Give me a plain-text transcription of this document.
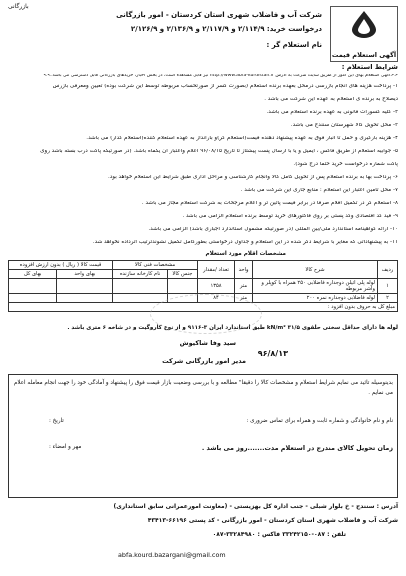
بازرگانی
آگهی استعلام قیمت
شرکت آب و فاضلاب شهری استان کردستان - امور بازرگانی
درخواست خرید: ۲/۱۱۴/۹ و ۲/۱۱۷/۹ و ۲/۱۳۶/۹ و ۲/۱۲۶/۹
نام استعلام گر :
شرایط استعلام :
<<آگهی استعلام بهای این امور از طریق سایت شرکت به آدرس http://www.abfa-kurdistan.ir نیز قابل مشاهده است، در بخش اخبار، خریدهای بازرگانی قابل دسترسی می باشد.>>
۱- پرداخت هزینه های انجام بازرسی درمحل بعهده برنده استعلام (بصورت کسر از صورتحساب مربوطه توسط این شرکت بوده) تعیین ومعرفی بازرس
ذیصلاح به برنده ی استعلام به عهده این شرکت می باشد .
۲- کلیه کسورات قانونی به عهده برنده استعلام می باشد.
۳- محل تحویل کالا شهرستان سنندج می باشد.
۴- هزینه بارگیری و حمل تا انبار فوق به عهده پیشنهاد دهنده قیمت(استعلام گر)و بارانداز به عهده استعلام کننده(استعلام گذار) می باشد.
۵- جوابیه استعلام از طریق فاکس ، ایمیل و یا با ارسال پست پیشتاز تا تاریخ ۹۶/۰۸/۱۵ اعلام واعتبار آن یکماه باشد. (در صورتیکه پاکت درب بسته باشد روی
پاکت شماره درخواست خرید حتما درج شود).
۶- پرداخت بها به برنده استعلام پس از تحویل کامل کالا وانجام کارشناسی و مراحل اداری طبق شرایط این استعلام خواهد بود.
۷- محل تامین اعتبار این استعلام : منابع جاری این شرکت می باشد .
۸- استعلام گر در تکمیل اقلام صرفا در برابر قیمت پائین تر و اعلام مرجحات به شرکت استعلام مجاز می باشد .
۹- قید کد اقتصادی وکد پستی بر روی فاکتورهای خرید توسط برنده استعلام الزامی می باشد .
۱۰- ارائه گواهینامه استاندارد ملی/بین المللی (در صورتیکه مشمول استاندارد اجباری باشد) الزامی می باشد.
۱۱- به پیشنهاداتی که مغایر با شرایط ذکر شده در این استعلام و جداول درخواستی بطورکامل تکمیل نشوندترتیب اثرداده نخواهد شد.
مشخصات اقلام مورد استعلام
ردیف	شرح کالا	واحد	تعداد /مقدار	مشخصات فنی کالا		قیمت کالا ( ریال ) بدون ارزش افزوده	
				جنس کالا	نام کارخانه سازنده	بهای واحد	بهای کل
۱	لوله پلی اتیلن دوجداره فاضلابی ۲۵۰ همراه با کوپلر و واشر مربوطه	متر	۱۳۵۸				
۲	لوله فاضلابی دوجداره نمره ۲۰۰	متر	۸۴				
مبلغ کل به حروف بدون افزود :							
لوله ها دارای حداقل سختی حلقوی kN/m² ۳۱/۵ طبق استاندارد ایران ۳-۹۱۱۶ و از نوع کاروگیت و در شاخه ۶ متری باشد .
سید وفا شاکیوش
مدیر امور بازرگانی شرکت
۹۶/۸/۱۳
بدینوسیله تائید می نمایم شرایط استعلام و مشخصات کالا را دقیقا" مطالعه و با بررسی وضعیت بازار قیمت فوق را پیشنهاد و آمادگی خود را جهت انجام معامله اعلام می نمایم .
نام و نام خانوادگی و شماره ثابت و همراه برای تماس ضروری :
تاریخ :
زمان تحویل کالای مندرج در استعلام مدت.......روز می باشد .
مهر و امضاء :
آدرس : سنندج - خ بلوار شبلی - جنب اداره کل بهزیستی - (معاونت امورعمرانی سابق استانداری)
شرکت آب و فاضلاب شهری استان کردستان - امور بازرگانی - کد پستی ۶۶۱۹۶-۴۳۴۱۳
تلفن : ۰۸۷-۳۳۲۴۲۱۵۰ فاکس : ۳۳۲۸۴۹۸۰-۰۸۷
abfa.kourd.bazargani@gmail.com
